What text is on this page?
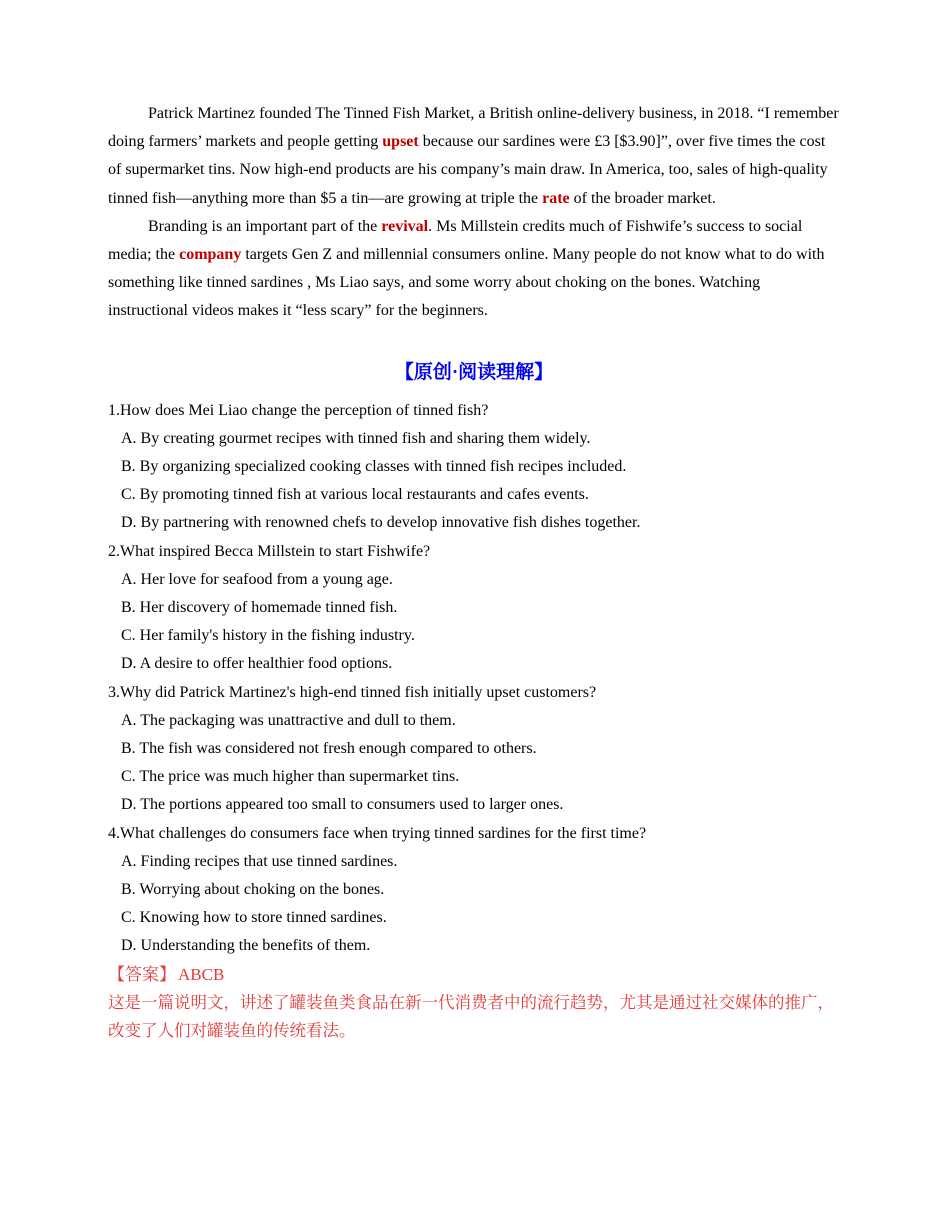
Patrick Martinez founded The Tinned Fish Market, a British online-delivery business, in 2018. “I remember doing farmers’ markets and people getting upset because our sardines were £3 [$3.90]”, over five times the cost of supermarket tins. Now high-end products are his company’s main draw. In America, too, sales of high-quality tinned fish—anything more than $5 a tin—are growing at triple the rate of the broader market.

Branding is an important part of the revival. Ms Millstein credits much of Fishwife’s success to social media; the company targets Gen Z and millennial consumers online. Many people do not know what to do with something like tinned sardines , Ms Liao says, and some worry about choking on the bones. Watching instructional videos makes it “less scary” for the beginners.

【原创·阅读理解】
1.How does Mei Liao change the perception of tinned fish?
A. By creating gourmet recipes with tinned fish and sharing them widely.
B. By organizing specialized cooking classes with tinned fish recipes included.
C. By promoting tinned fish at various local restaurants and cafes events.
D. By partnering with renowned chefs to develop innovative fish dishes together.
2.What inspired Becca Millstein to start Fishwife?
A. Her love for seafood from a young age.
B. Her discovery of homemade tinned fish.
C. Her family's history in the fishing industry.
D. A desire to offer healthier food options.
3.Why did Patrick Martinez's high-end tinned fish initially upset customers?
A. The packaging was unattractive and dull to them.
B. The fish was considered not fresh enough compared to others.
C. The price was much higher than supermarket tins.
D. The portions appeared too small to consumers used to larger ones.
4.What challenges do consumers face when trying tinned sardines for the first time?
A. Finding recipes that use tinned sardines.
B. Worrying about choking on the bones.
C. Knowing how to store tinned sardines.
D. Understanding the benefits of them.
【答案】 ABCB

这是一篇说明文，讲述了罐装鱼类食品在新一代消费者中的流行趋势，尤其是通过社交媒体的推广，改变了人们对罐装鱼的传统看法。
